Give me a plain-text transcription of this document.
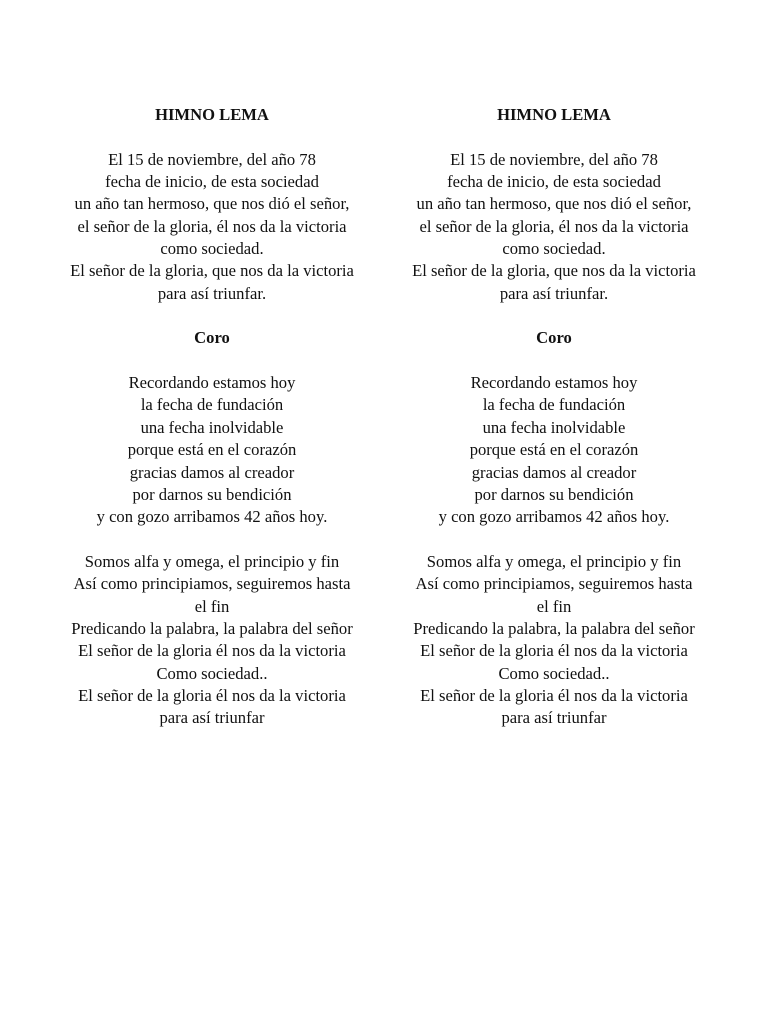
HIMNO LEMA
El 15 de noviembre, del año 78
fecha de inicio, de esta sociedad
un año tan hermoso, que nos dió el señor,
el señor de la gloria, él nos da la victoria
como sociedad.
El señor de la gloria, que nos da la victoria
para así triunfar.
Coro
Recordando estamos hoy
la fecha de fundación
una fecha inolvidable
porque está en el corazón
gracias damos al creador
por darnos su bendición
y con gozo arribamos 42 años hoy.
Somos alfa y omega, el principio y fin
Así como principiamos, seguiremos hasta
el fin
Predicando la palabra, la palabra del señor
El señor de la gloria él nos da la victoria
Como sociedad..
El señor de la gloria él nos da la victoria
para así triunfar
HIMNO LEMA
El 15 de noviembre, del año 78
fecha de inicio, de esta sociedad
un año tan hermoso, que nos dió el señor,
el señor de la gloria, él nos da la victoria
como sociedad.
El señor de la gloria, que nos da la victoria
para así triunfar.
Coro
Recordando estamos hoy
la fecha de fundación
una fecha inolvidable
porque está en el corazón
gracias damos al creador
por darnos su bendición
y con gozo arribamos 42 años hoy.
Somos alfa y omega, el principio y fin
Así como principiamos, seguiremos hasta
el fin
Predicando la palabra, la palabra del señor
El señor de la gloria él nos da la victoria
Como sociedad..
El señor de la gloria él nos da la victoria
para así triunfar
